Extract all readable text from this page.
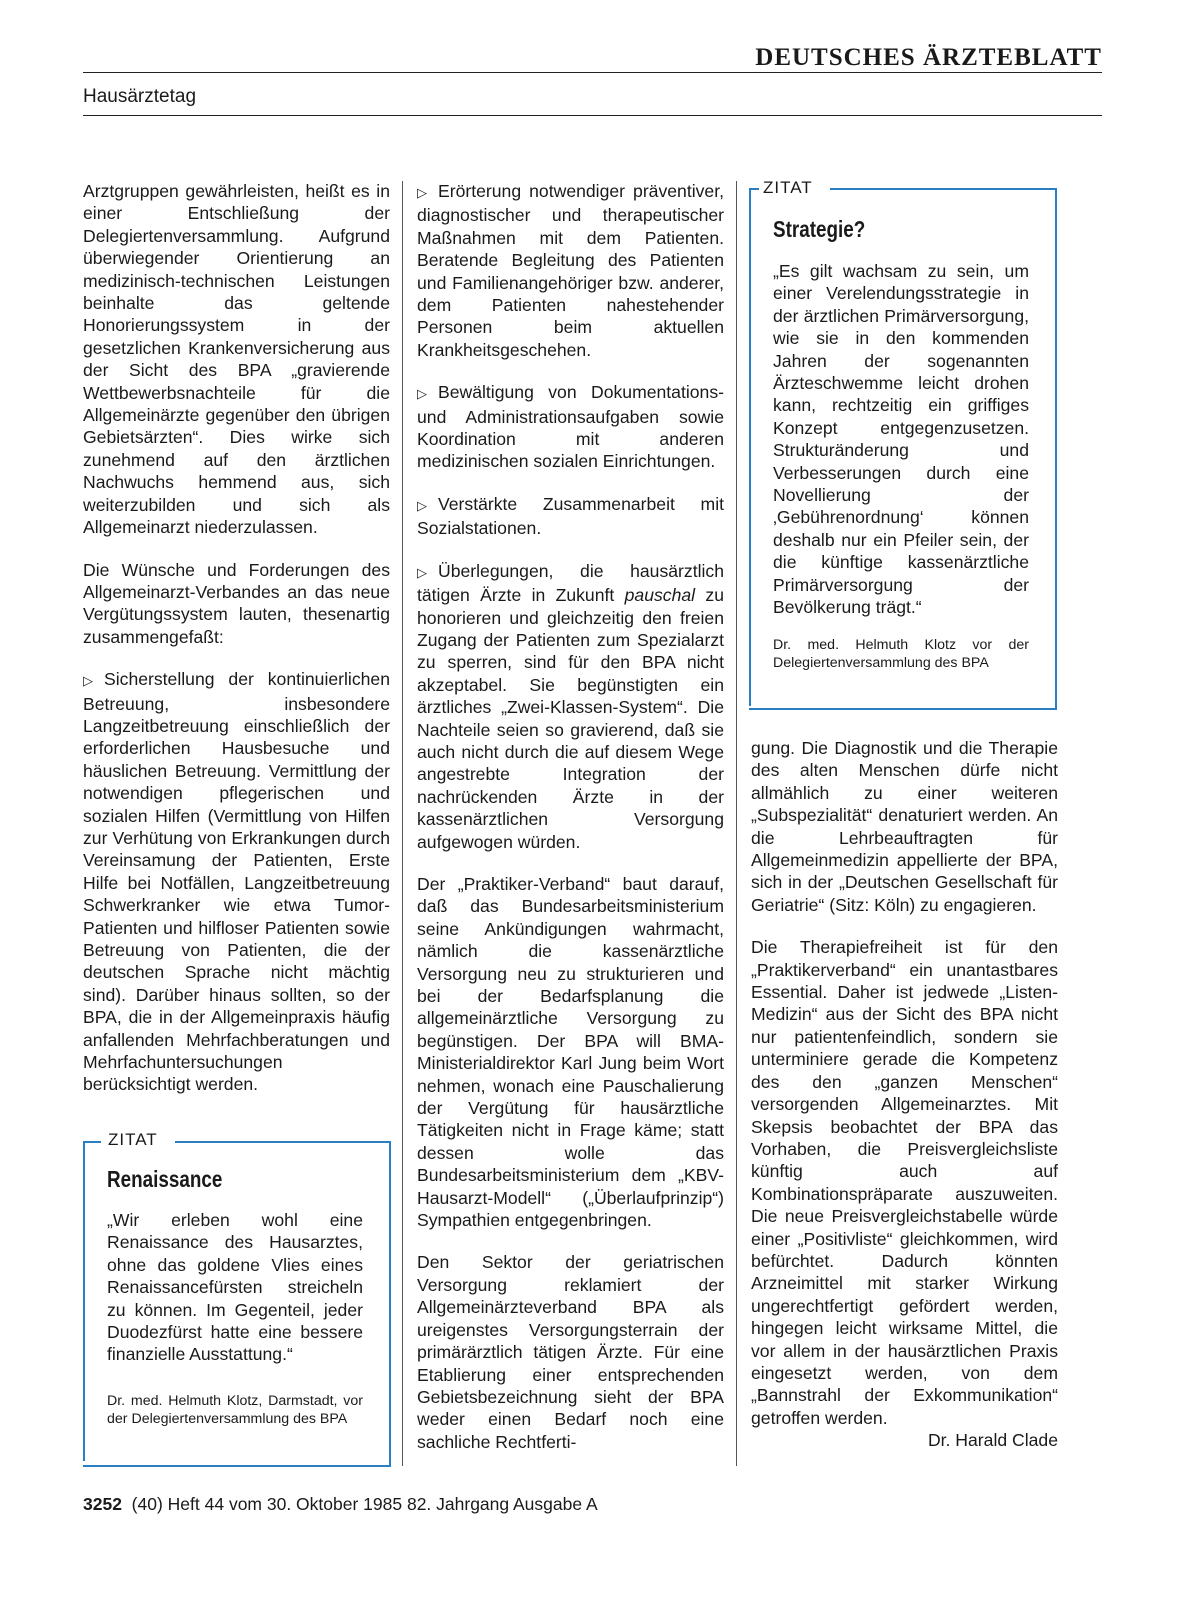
DEUTSCHES ÄRZTEBLATT
Hausärztetag

Arztgruppen gewährleisten, heißt es in einer Entschließung der Delegiertenversammlung. Aufgrund überwiegender Orientierung an medizinisch-technischen Leistungen beinhalte das geltende Honorierungssystem in der gesetzlichen Krankenversicherung aus der Sicht des BPA „gravierende Wettbewerbsnachteile für die Allgemeinärzte gegenüber den übrigen Gebietsärzten“. Dies wirke sich zunehmend auf den ärztlichen Nachwuchs hemmend aus, sich weiterzubilden und sich als Allgemeinarzt niederzulassen.

Die Wünsche und Forderungen des Allgemeinarzt-Verbandes an das neue Vergütungssystem lauten, thesenartig zusammengefaßt:

▷ Sicherstellung der kontinuierlichen Betreuung, insbesondere Langzeitbetreuung einschließlich der erforderlichen Hausbesuche und häuslichen Betreuung. Vermittlung der notwendigen pflegerischen und sozialen Hilfen (Vermittlung von Hilfen zur Verhütung von Erkrankungen durch Vereinsamung der Patienten, Erste Hilfe bei Notfällen, Langzeitbetreuung Schwerkranker wie etwa Tumor-Patienten und hilfloser Patienten sowie Betreuung von Patienten, die der deutschen Sprache nicht mächtig sind). Darüber hinaus sollten, so der BPA, die in der Allgemeinpraxis häufig anfallenden Mehrfachberatungen und Mehrfachuntersuchungen berücksichtigt werden.

ZITAT
Renaissance
„Wir erleben wohl eine Renaissance des Hausarztes, ohne das goldene Vlies eines Renaissancefürsten streicheln zu können. Im Gegenteil, jeder Duodezfürst hatte eine bessere finanzielle Ausstattung.“
Dr. med. Helmuth Klotz, Darmstadt, vor der Delegiertenversammlung des BPA

▷ Erörterung notwendiger präventiver, diagnostischer und therapeutischer Maßnahmen mit dem Patienten. Beratende Begleitung des Patienten und Familienangehöriger bzw. anderer, dem Patienten nahestehender Personen beim aktuellen Krankheitsgeschehen.

▷ Bewältigung von Dokumentations- und Administrationsaufgaben sowie Koordination mit anderen medizinischen sozialen Einrichtungen.

▷ Verstärkte Zusammenarbeit mit Sozialstationen.

▷ Überlegungen, die hausärztlich tätigen Ärzte in Zukunft pauschal zu honorieren und gleichzeitig den freien Zugang der Patienten zum Spezialarzt zu sperren, sind für den BPA nicht akzeptabel. Sie begünstigten ein ärztliches „Zwei-Klassen-System“. Die Nachteile seien so gravierend, daß sie auch nicht durch die auf diesem Wege angestrebte Integration der nachrückenden Ärzte in der kassenärztlichen Versorgung aufgewogen würden.

Der „Praktiker-Verband“ baut darauf, daß das Bundesarbeitsministerium seine Ankündigungen wahrmacht, nämlich die kassenärztliche Versorgung neu zu strukturieren und bei der Bedarfsplanung die allgemeinärztliche Versorgung zu begünstigen. Der BPA will BMA-Ministerialdirektor Karl Jung beim Wort nehmen, wonach eine Pauschalierung der Vergütung für hausärztliche Tätigkeiten nicht in Frage käme; statt dessen wolle das Bundesarbeitsministerium dem „KBV-Hausarzt-Modell“ („Überlaufprinzip“) Sympathien entgegenbringen.

Den Sektor der geriatrischen Versorgung reklamiert der Allgemeinärzteverband BPA als ureigenstes Versorgungsterrain der primärärztlich tätigen Ärzte. Für eine Etablierung einer entsprechenden Gebietsbezeichnung sieht der BPA weder einen Bedarf noch eine sachliche Rechtferti-

ZITAT
Strategie?
„Es gilt wachsam zu sein, um einer Verelendungsstrategie in der ärztlichen Primärversorgung, wie sie in den kommenden Jahren der sogenannten Ärzteschwemme leicht drohen kann, rechtzeitig ein griffiges Konzept entgegenzusetzen. Strukturänderung und Verbesserungen durch eine Novellierung der ‚Gebührenordnung‘ können deshalb nur ein Pfeiler sein, der die künftige kassenärztliche Primärversorgung der Bevölkerung trägt.“
Dr. med. Helmuth Klotz vor der Delegiertenversammlung des BPA

gung. Die Diagnostik und die Therapie des alten Menschen dürfe nicht allmählich zu einer weiteren „Subspezialität“ denaturiert werden. An die Lehrbeauftragten für Allgemeinmedizin appellierte der BPA, sich in der „Deutschen Gesellschaft für Geriatrie“ (Sitz: Köln) zu engagieren.

Die Therapiefreiheit ist für den „Praktikerverband“ ein unantastbares Essential. Daher ist jedwede „Listen-Medizin“ aus der Sicht des BPA nicht nur patientenfeindlich, sondern sie unterminiere gerade die Kompetenz des den „ganzen Menschen“ versorgenden Allgemeinarztes. Mit Skepsis beobachtet der BPA das Vorhaben, die Preisvergleichsliste künftig auch auf Kombinationspräparate auszuweiten. Die neue Preisvergleichstabelle würde einer „Positivliste“ gleichkommen, wird befürchtet. Dadurch könnten Arzneimittel mit starker Wirkung ungerechtfertigt gefördert werden, hingegen leicht wirksame Mittel, die vor allem in der hausärztlichen Praxis eingesetzt werden, von dem „Bannstrahl der Exkommunikation“ getroffen werden.

Dr. Harald Clade
3252 (40) Heft 44 vom 30. Oktober 1985 82. Jahrgang Ausgabe A
